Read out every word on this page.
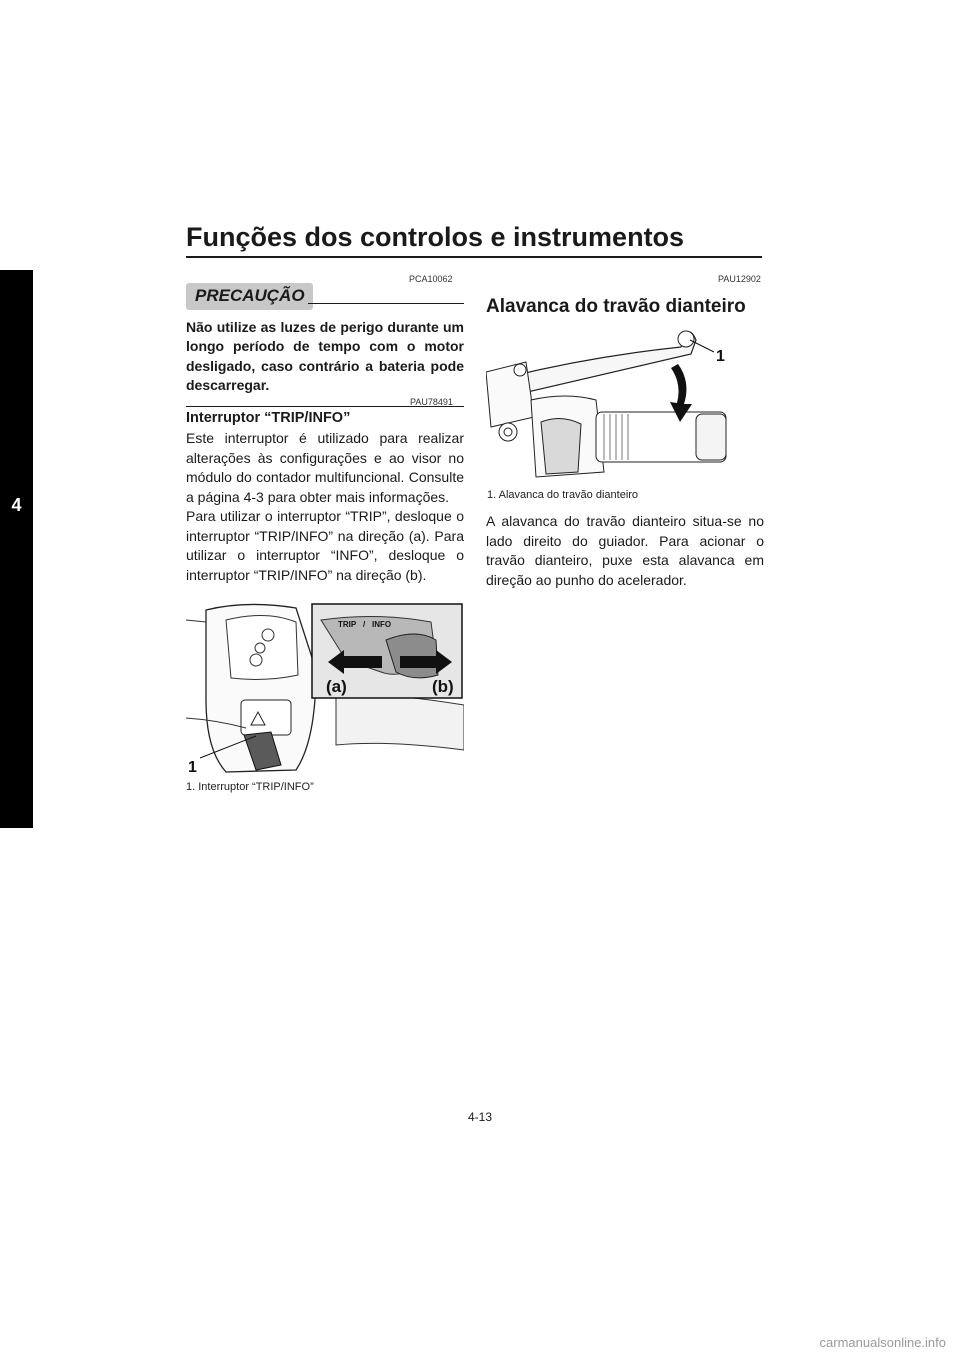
Funções dos controlos e instrumentos
4
PCA10062
PRECAUÇÃO

Não utilize as luzes de perigo durante um longo período de tempo com o motor desligado, caso contrário a bateria pode descarregar.

PAU78491
Interruptor “TRIP/INFO”

Este interruptor é utilizado para realizar alterações às configurações e ao visor no módulo do contador multifuncional. Consulte a página 4-3 para obter mais informações.

Para utilizar o interruptor “TRIP”, desloque o interruptor “TRIP/INFO” na direção (a). Para utilizar o interruptor “INFO”, desloque o interruptor “TRIP/INFO” na direção (b).

1
TRIP / INFO
(a)	(b)
1. Interruptor “TRIP/INFO”
PAU12902
Alavanca do travão dianteiro
1
1. Alavanca do travão dianteiro

A alavanca do travão dianteiro situa-se no lado direito do guiador. Para acionar o travão dianteiro, puxe esta alavanca em direção ao punho do acelerador.

4-13
carmanualsonline.info
